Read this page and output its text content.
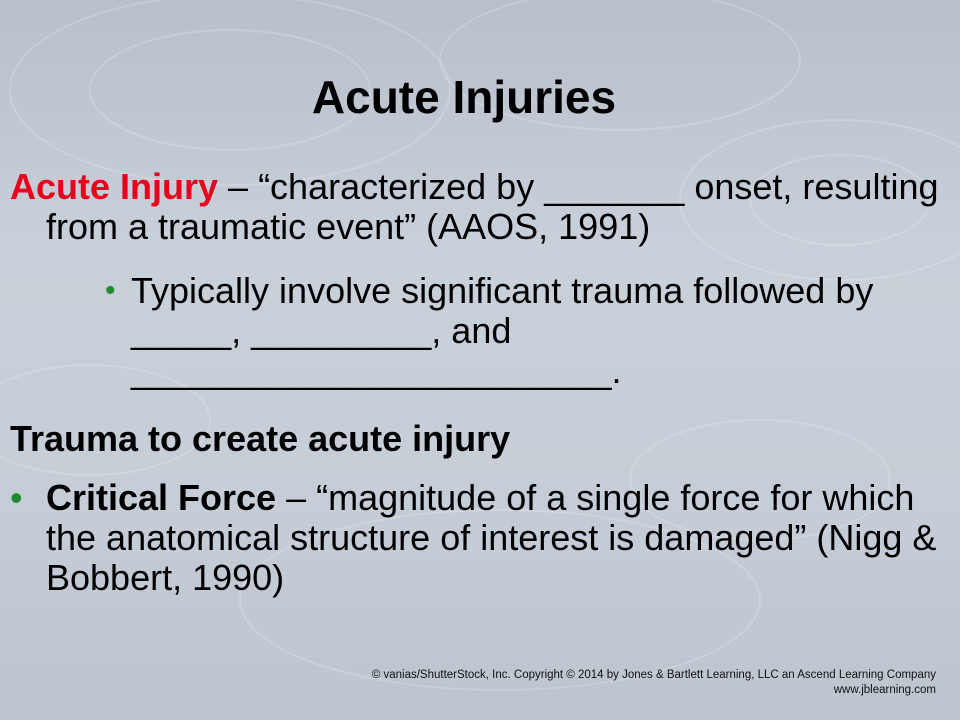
Acute Injuries
Acute Injury – “characterized by _______ onset, resulting from a traumatic event” (AAOS, 1991)
• Typically involve significant trauma followed by _____, _________, and ________________________.
Trauma to create acute injury
• Critical Force – “magnitude of a single force for which the anatomical structure of interest is damaged” (Nigg & Bobbert, 1990)
© vanias/ShutterStock, Inc. Copyright © 2014 by Jones & Bartlett Learning, LLC an Ascend Learning Company
www.jblearning.com
